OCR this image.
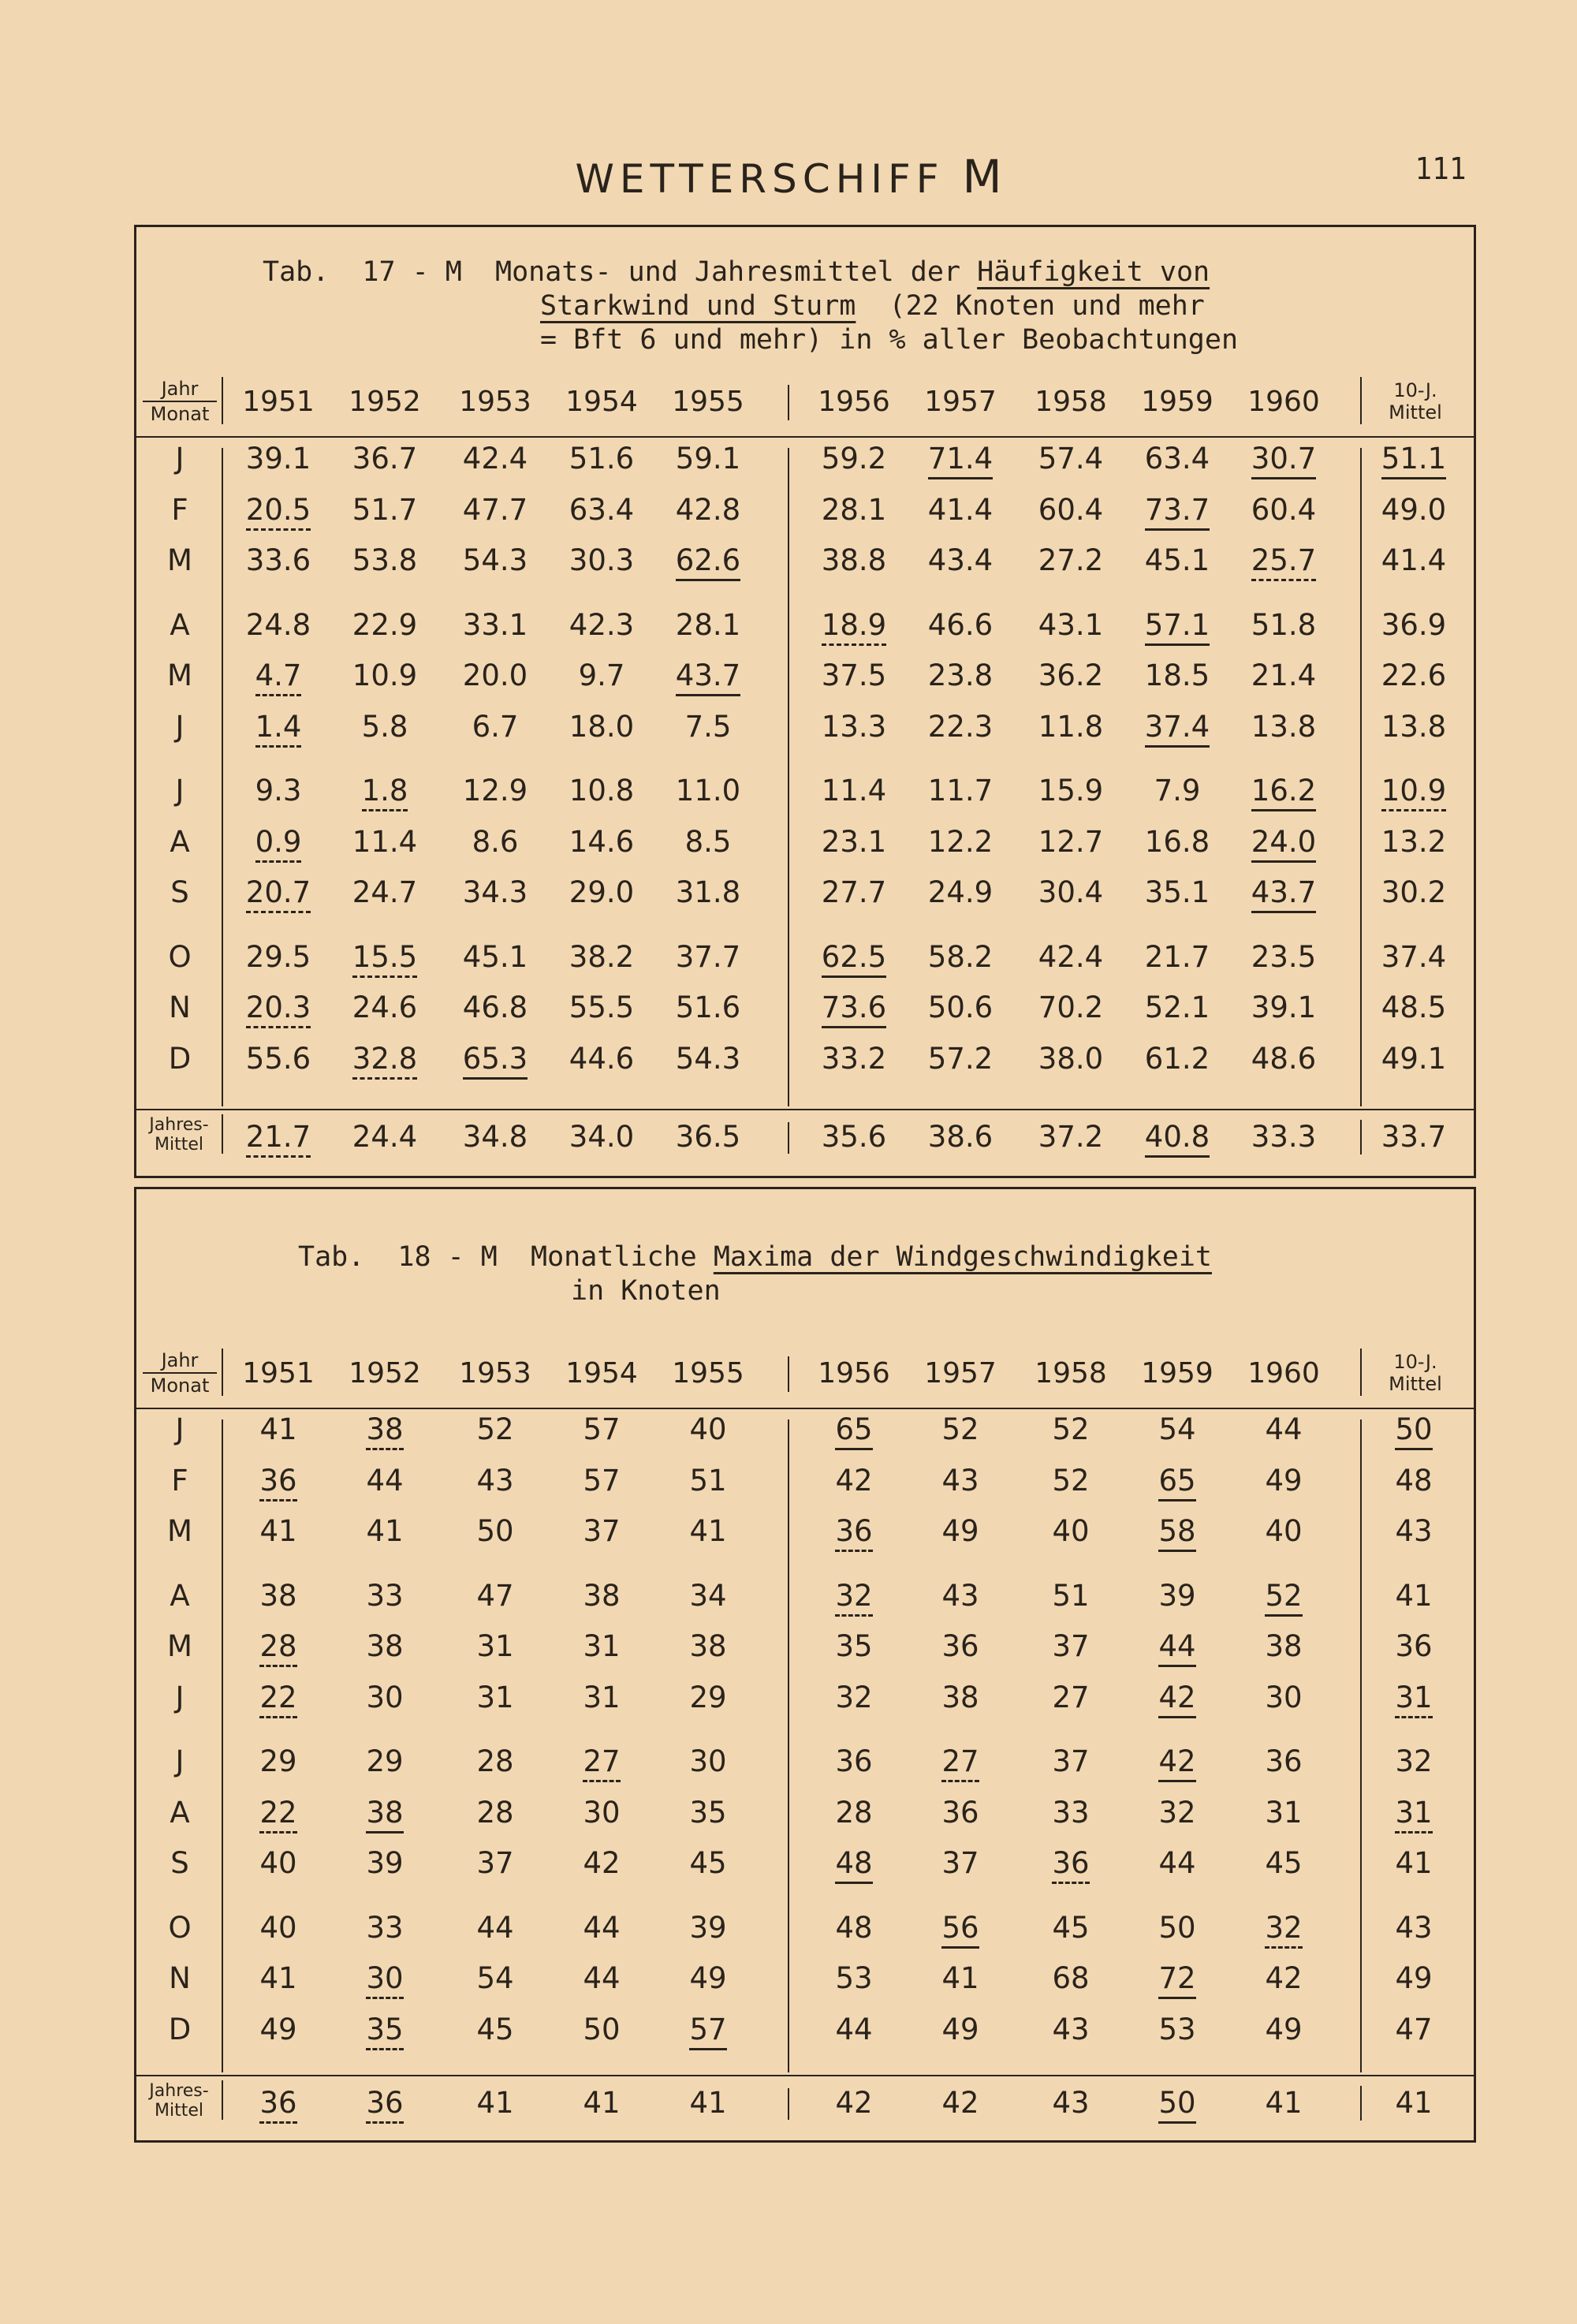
WETTERSCHIFF M	111
Tab.  17 - M  Monats- und Jahresmittel der Häufigkeit von
Starkwind und Sturm  (22 Knoten und mehr
= Bft 6 und mehr) in % aller Beobachtungen
Jahr
Monat	1951	1952	1953	1954	1955	1956	1957	1958	1959	1960	10-J.
Mittel
J	39.1	36.7	42.4	51.6	59.1	59.2	71.4	57.4	63.4	30.7	51.1
F	20.5	51.7	47.7	63.4	42.8	28.1	41.4	60.4	73.7	60.4	49.0
M	33.6	53.8	54.3	30.3	62.6	38.8	43.4	27.2	45.1	25.7	41.4
A	24.8	22.9	33.1	42.3	28.1	18.9	46.6	43.1	57.1	51.8	36.9
M	4.7	10.9	20.0	9.7	43.7	37.5	23.8	36.2	18.5	21.4	22.6
J	1.4	5.8	6.7	18.0	7.5	13.3	22.3	11.8	37.4	13.8	13.8
J	9.3	1.8	12.9	10.8	11.0	11.4	11.7	15.9	7.9	16.2	10.9
A	0.9	11.4	8.6	14.6	8.5	23.1	12.2	12.7	16.8	24.0	13.2
S	20.7	24.7	34.3	29.0	31.8	27.7	24.9	30.4	35.1	43.7	30.2
O	29.5	15.5	45.1	38.2	37.7	62.5	58.2	42.4	21.7	23.5	37.4
N	20.3	24.6	46.8	55.5	51.6	73.6	50.6	70.2	52.1	39.1	48.5
D	55.6	32.8	65.3	44.6	54.3	33.2	57.2	38.0	61.2	48.6	49.1
Jahres-
Mittel	21.7	24.4	34.8	34.0	36.5	35.6	38.6	37.2	40.8	33.3	33.7
Tab.  18 - M  Monatliche Maxima der Windgeschwindigkeit
in Knoten
Jahr
Monat	1951	1952	1953	1954	1955	1956	1957	1958	1959	1960	10-J.
Mittel
J	41	38	52	57	40	65	52	52	54	44	50
F	36	44	43	57	51	42	43	52	65	49	48
M	41	41	50	37	41	36	49	40	58	40	43
A	38	33	47	38	34	32	43	51	39	52	41
M	28	38	31	31	38	35	36	37	44	38	36
J	22	30	31	31	29	32	38	27	42	30	31
J	29	29	28	27	30	36	27	37	42	36	32
A	22	38	28	30	35	28	36	33	32	31	31
S	40	39	37	42	45	48	37	36	44	45	41
O	40	33	44	44	39	48	56	45	50	32	43
N	41	30	54	44	49	53	41	68	72	42	49
D	49	35	45	50	57	44	49	43	53	49	47
Jahres-
Mittel	36	36	41	41	41	42	42	43	50	41	41
